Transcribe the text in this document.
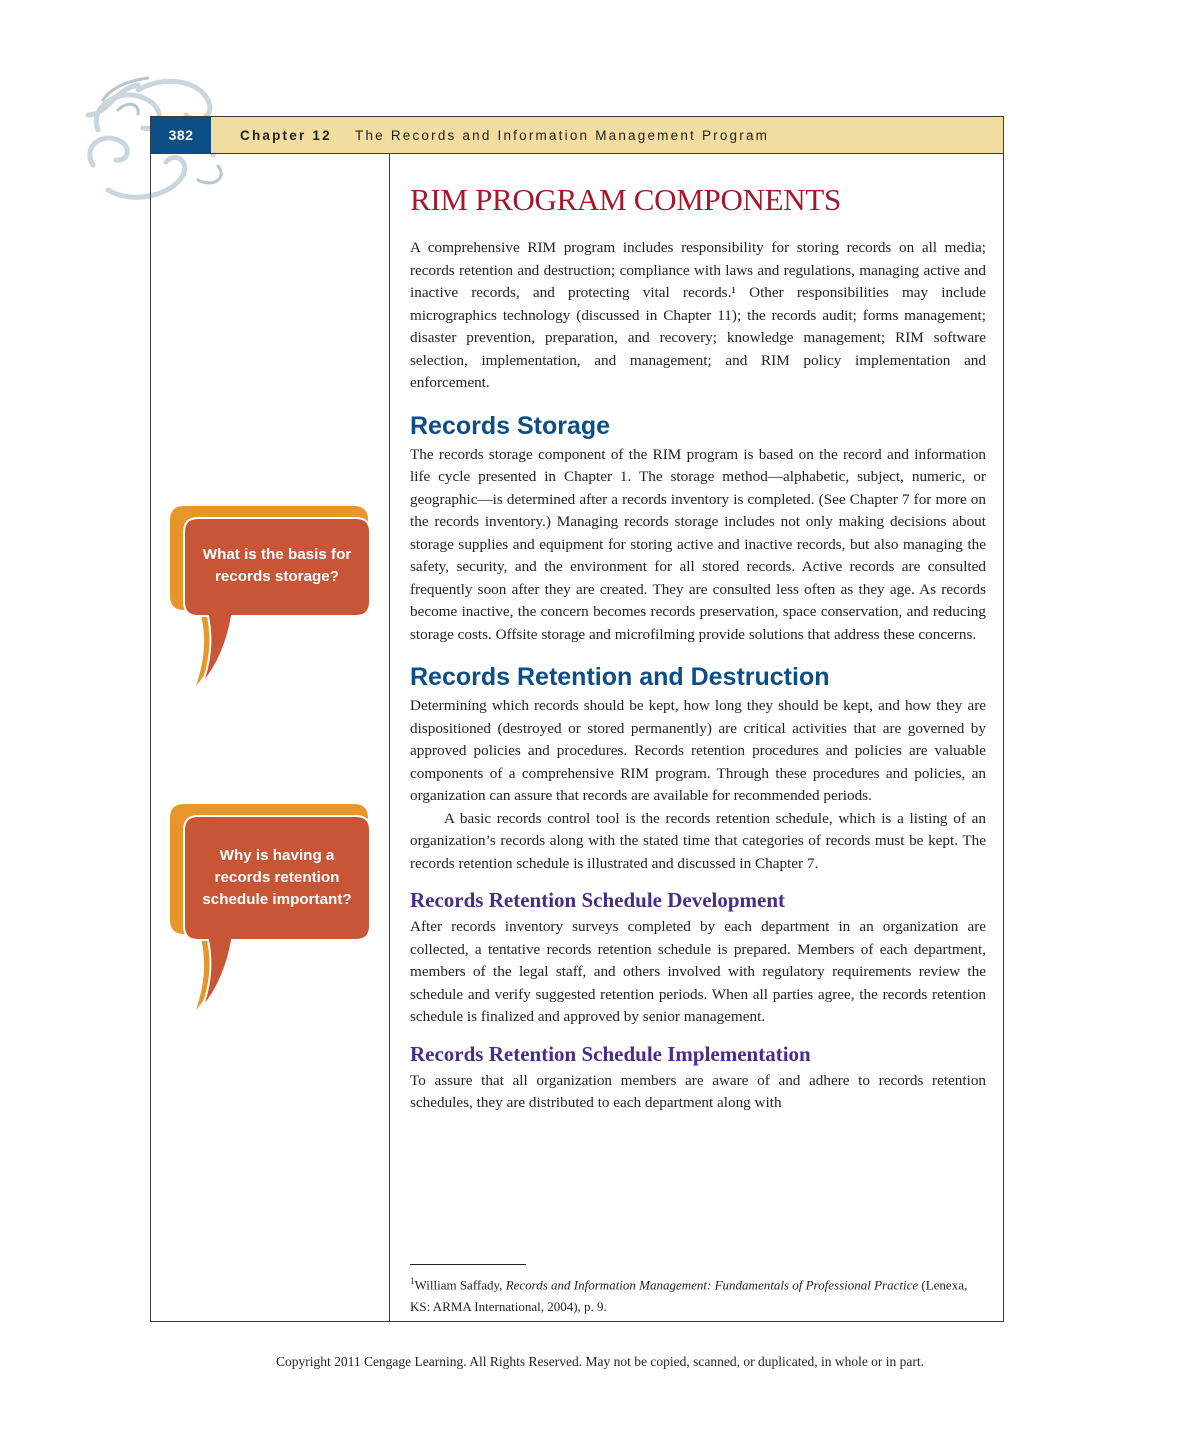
382	Chapter 12 The Records and Information Management Program
What is the basis for records storage?
Why is having a records retention schedule important?
RIM PROGRAM COMPONENTS

A comprehensive RIM program includes responsibility for storing records on all media; records retention and destruction; compliance with laws and regulations, managing active and inactive records, and protecting vital records.¹ Other responsibilities may include micrographics technology (discussed in Chapter 11); the records audit; forms management; disaster prevention, preparation, and recovery; knowledge management; RIM software selection, implementation, and management; and RIM policy implementation and enforcement.

Records Storage

The records storage component of the RIM program is based on the record and information life cycle presented in Chapter 1. The storage method—alphabetic, subject, numeric, or geographic—is determined after a records inventory is completed. (See Chapter 7 for more on the records inventory.) Managing records storage includes not only making decisions about storage supplies and equipment for storing active and inactive records, but also managing the safety, security, and the environment for all stored records. Active records are consulted frequently soon after they are created. They are consulted less often as they age. As records become inactive, the concern becomes records preservation, space conservation, and reducing storage costs. Offsite storage and microfilming provide solutions that address these concerns.

Records Retention and Destruction

Determining which records should be kept, how long they should be kept, and how they are dispositioned (destroyed or stored permanently) are critical activities that are governed by approved policies and procedures. Records retention procedures and policies are valuable components of a comprehensive RIM program. Through these procedures and policies, an organization can assure that records are available for recommended periods.

A basic records control tool is the records retention schedule, which is a listing of an organization’s records along with the stated time that categories of records must be kept. The records retention schedule is illustrated and discussed in Chapter 7.

Records Retention Schedule Development

After records inventory surveys completed by each department in an organization are collected, a tentative records retention schedule is prepared. Members of each department, members of the legal staff, and others involved with regulatory requirements review the schedule and verify suggested retention periods. When all parties agree, the records retention schedule is finalized and approved by senior management.

Records Retention Schedule Implementation

To assure that all organization members are aware of and adhere to records retention schedules, they are distributed to each department along with

$^1$William Saffady, Records and Information Management: Fundamentals of Professional Practice (Lenexa, KS: ARMA International, 2004), p. 9.
Copyright 2011 Cengage Learning. All Rights Reserved. May not be copied, scanned, or duplicated, in whole or in part.
